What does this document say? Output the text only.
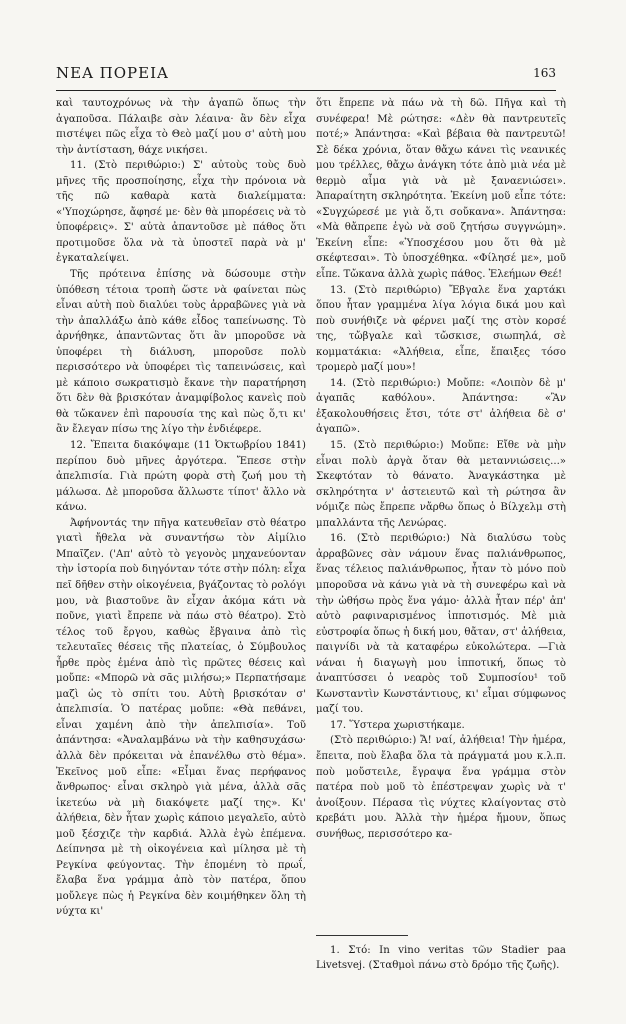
ΝΕΑ ΠΟΡΕΙΑ	163

καὶ ταυτοχρόνως νὰ τὴν ἀγαπῶ ὅπως τὴν ἀγαποῦσα. Πάλαιβε σὰν λέαινα· ἂν δὲν εἶχα πιστέψει πῶς εἶχα τὸ Θεὸ μαζί μου σ' αὐτὴ μου τὴν ἀντίσταση, θάχε νικήσει.

11. (Στὸ περιθώριο:) Σ' αὐτοὺς τοὺς δυὸ μῆνες τῆς προσποίησης, εἶχα τὴν πρόνοια νὰ τῆς πῶ καθαρὰ κατὰ διαλείμματα: «'Υποχώρησε, ἄφησέ με· δὲν θὰ μπορέσεις νὰ τὸ ὑποφέρεις». Σ' αὐτὰ ἀπαντοῦσε μὲ πάθος ὅτι προτιμοῦσε ὅλα νὰ τὰ ὑποστεῖ παρὰ νὰ μ' ἐγκαταλείψει.

Τῆς πρότεινα ἐπίσης νὰ δώσουμε στὴν ὑπόθεση τέτοια τροπὴ ὥστε νὰ φαίνεται πὼς εἶναι αὐτὴ ποὺ διαλύει τοὺς ἀρραβῶνες γιὰ νὰ τὴν ἀπαλλάξω ἀπὸ κάθε εἶδος ταπείνωσης. Τὸ ἀρνήθηκε, ἀπαντῶντας ὅτι ἂν μποροῦσε νὰ ὑποφέρει τὴ διάλυση, μποροῦσε πολὺ περισσότερο νὰ ὑποφέρει τὶς ταπεινώσεις, καὶ μὲ κάποιο σωκρατισμὸ ἔκανε τὴν παρατήρηση ὅτι δὲν θὰ βρισκόταν ἀναμφίβολος κανεὶς ποὺ θὰ τὤκανεν ἐπὶ παρουσία της καὶ πὼς ὅ,τι κι' ἂν ἔλεγαν πίσω της λίγο τὴν ἐνδιέφερε.

12. Ἔπειτα διακόψαμε (11 Ὀκτωβρίου 1841) περίπου δυὸ μῆνες ἀργότερα. Ἔπεσε στὴν ἀπελπισία. Γιὰ πρώτη φορὰ στὴ ζωή μου τὴ μάλωσα. Δὲ μποροῦσα ἄλλωστε τίποτ' ἄλλο νὰ κάνω.

Ἀφήνοντάς την πῆγα κατευθεῖαν στὸ θέατρο γιατὶ ἤθελα νὰ συναντήσω τὸν Αἰμίλιο Μπαῖζεν. ('Απ' αὐτὸ τὸ γεγονὸς μηχανεύονταν τὴν ἱστορία ποὺ διηγόνταν τότε στὴν πόλη: εἶχα πεῖ δῆθεν στὴν οἰκογένεια, βγάζοντας τὸ ρολόγι μου, νὰ βιαστοῦνε ἂν εἶχαν ἀκόμα κάτι νὰ ποῦνε, γιατὶ ἔπρεπε νὰ πάω στὸ θέατρο). Στὸ τέλος τοῦ ἔργου, καθὼς ἔβγαινα ἀπὸ τὶς τελευταῖες θέσεις τῆς πλατείας, ὁ Σύμβουλος ἦρθε πρὸς ἐμένα ἀπὸ τὶς πρῶτες θέσεις καὶ μοὔπε: «Μπορῶ νὰ σᾶς μιλήσω;» Περπατήσαμε μαζὶ ὡς τὸ σπίτι του. Αὐτὴ βρισκόταν σ' ἀπελπισία. Ὁ πατέρας μοὔπε: «Θὰ πεθάνει, εἶναι χαμένη ἀπὸ τὴν ἀπελπισία». Τοῦ ἀπάντησα: «Ἀναλαμβάνω νὰ τὴν καθησυχάσω· ἀλλὰ δὲν πρόκειται νὰ ἐπανέλθω στὸ θέμα». Ἐκεῖνος μοῦ εἶπε: «Εἶμαι ἕνας περήφανος ἄνθρωπος· εἶναι σκληρὸ γιὰ μένα, ἀλλὰ σᾶς ἱκετεύω νὰ μὴ διακόψετε μαζί της». Κι' ἀλήθεια, δὲν ἦταν χωρὶς κάποιο μεγαλεῖο, αὐτὸ μοῦ ξέσχιζε τὴν καρδιά. Ἀλλὰ ἐγὼ ἐπέμενα. Δείπνησα μὲ τὴ οἰκογένεια καὶ μίλησα μὲ τὴ Ρεγκίνα φεύγοντας. Τὴν ἐπομένη τὸ πρωΐ, ἔλαβα ἕνα γράμμα ἀπὸ τὸν πατέρα, ὅπου μοὔλεγε πὼς ἡ Ρεγκίνα δὲν κοιμήθηκεν ὅλη τὴ νύχτα κι'

ὅτι ἔπρεπε νὰ πάω νὰ τὴ δῶ. Πῆγα καὶ τὴ συνέφερα! Μὲ ρώτησε: «Δὲν θὰ παντρευτεῖς ποτέ;» Ἀπάντησα: «Καὶ βέβαια θὰ παντρευτῶ! Σὲ δέκα χρόνια, ὅταν θἄχω κάνει τὶς νεανικές μου τρέλλες, θἄχω ἀνάγκη τότε ἀπὸ μιὰ νέα μὲ θερμὸ αἷμα γιὰ νὰ μὲ ξαναενιώσει». Ἀπαραίτητη σκληρότητα. Ἐκείνη μοῦ εἶπε τότε: «Συγχώρεσέ με γιὰ ὅ,τι σοὔκανα». Ἀπάντησα: «Μὰ θἄπρεπε ἐγὼ νὰ σοῦ ζητήσω συγγνώμη». Ἐκείνη εἶπε: «Ὑποσχέσου μου ὅτι θὰ μὲ σκέφτεσαι». Τὸ ὑποσχέθηκα. «Φίλησέ με», μοῦ εἶπε. Τὤκανα ἀλλὰ χωρὶς πάθος. Ἐλεήμων Θεέ!

13. (Στὸ περιθώριο) Ἔβγαλε ἕνα χαρτάκι ὅπου ἦταν γραμμένα λίγα λόγια δικά μου καὶ ποὺ συνήθιζε νὰ φέρνει μαζί της στὸν κορσέ της, τὤβγαλε καὶ τὤσκισε, σιωπηλά, σὲ κομματάκια: «Ἀλήθεια, εἶπε, ἔπαιξες τόσο τρομερὸ μαζί μου»!

14. (Στὸ περιθώριο:) Μοὔπε: «Λοιπὸν δὲ μ' ἀγαπᾶς καθόλου». Ἀπάντησα: «Ἂν ἐξακολουθήσεις ἔτσι, τότε στ' ἀλήθεια δὲ σ' ἀγαπῶ».

15. (Στὸ περιθώριο:) Μοὔπε: Εἴθε νὰ μὴν εἶναι πολὺ ἀργὰ ὅταν θὰ μεταννιώσεις...» Σκεφτόταν τὸ θάνατο. Ἀναγκάστηκα μὲ σκληρότητα ν' ἀστειευτῶ καὶ τὴ ρώτησα ἂν νόμιζε πὼς ἔπρεπε νἄρθω ὅπως ὁ Βίλχελμ στὴ μπαλλάντα τῆς Λενώρας.

16. (Στὸ περιθώριο:) Νὰ διαλύσω τοὺς ἀρραβῶνες σὰν νάμουν ἕνας παλιάνθρωπος, ἕνας τέλειος παλιάνθρωπος, ἦταν τὸ μόνο ποὺ μποροῦσα νὰ κάνω γιὰ νὰ τὴ συνεφέρω καὶ νὰ τὴν ὠθήσω πρὸς ἕνα γάμο· ἀλλὰ ἦταν πέρ' ἀπ' αὐτὸ ραφιναρισμένος ἱπποτισμός. Μὲ μιὰ εὐστροφία ὅπως ἡ δική μου, θἄταν, στ' ἀλήθεια, παιγνίδι νὰ τὰ καταφέρω εὐκολώτερα. —Γιὰ νάναι ἡ διαγωγὴ μου ἱπποτική, ὅπως τὸ ἀναπτύσσει ὁ νεαρὸς τοῦ Συμποσίου¹ τοῦ Κωνσταντὶν Κωνστάντιους, κι' εἶμαι σύμφωνος μαζί του.

17. Ὕστερα χωριστήκαμε.

(Στὸ περιθώριο:) Ἄ! ναί, ἀλήθεια! Τὴν ἡμέρα, ἔπειτα, ποὺ ἔλαβα ὅλα τὰ πράγματά μου κ.λ.π. ποὺ μοὔστειλε, ἔγραψα ἕνα γράμμα στὸν πατέρα ποὺ μοῦ τὸ ἐπέστρεψαν χωρὶς νὰ τ' ἀνοίξουν. Πέρασα τὶς νύχτες κλαίγοντας στὸ κρεβάτι μου. Ἀλλὰ τὴν ἡμέρα ἤμουν, ὅπως συνήθως, περισσότερο κα-

1. Στό: In vino veritas τῶν Stadier paa Livetsvej. (Σταθμοὶ πάνω στὸ δρόμο τῆς ζωῆς).
